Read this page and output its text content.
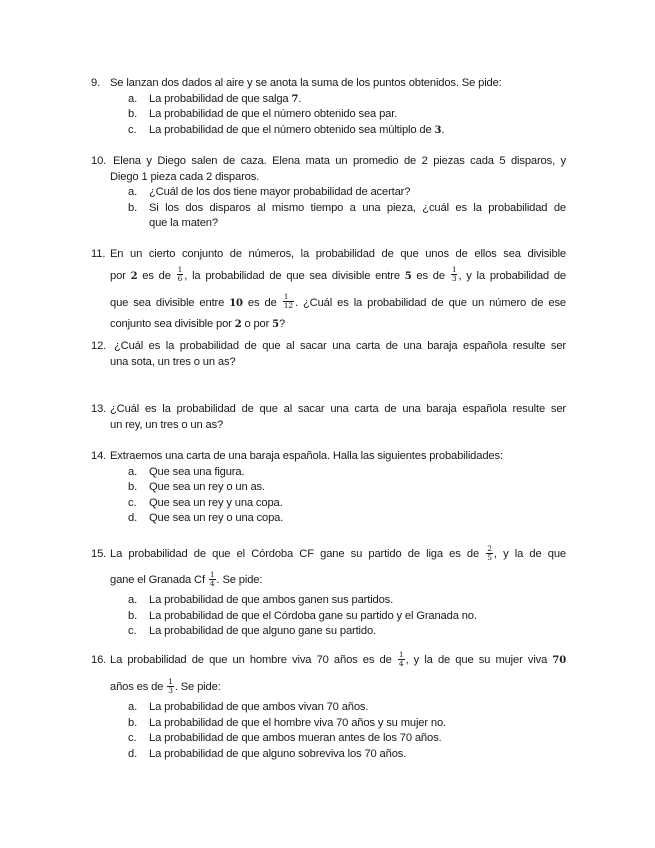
9. Se lanzan dos dados al aire y se anota la suma de los puntos obtenidos. Se pide:
a. La probabilidad de que salga 7.
b. La probabilidad de que el número obtenido sea par.
c. La probabilidad de que el número obtenido sea múltiplo de 3.
10. Elena y Diego salen de caza. Elena mata un promedio de 2 piezas cada 5 disparos, y
Diego 1 pieza cada 2 disparos.
a. ¿Cuál de los dos tiene mayor probabilidad de acertar?
b. Si los dos disparos al mismo tiempo a una pieza, ¿cuál es la probabilidad de
que la maten?
11. En un cierto conjunto de números, la probabilidad de que unos de ellos sea divisible
por 2 es de $\frac{1}{6}$ , la probabilidad de que sea divisible entre 5 es de $\frac{1}{3}$ , y la probabilidad de
que sea divisible entre 10 es de $\frac{1}{12}$ . ¿Cuál es la probabilidad de que un número de ese
conjunto sea divisible por 2 o por 5?
12. ¿Cuál es la probabilidad de que al sacar una carta de una baraja española resulte ser
una sota, un tres o un as?
13. ¿Cuál es la probabilidad de que al sacar una carta de una baraja española resulte ser
un rey, un tres o un as?
14. Extraemos una carta de una baraja española. Halla las siguientes probabilidades:
a. Que sea una figura.
b. Que sea un rey o un as.
c. Que sea un rey y una copa.
d. Que sea un rey o una copa.
15. La probabilidad de que el Córdoba CF gane su partido de liga es de $\frac{2}{5}$ , y la de que
gane el Granada Cf $\frac{1}{4}$ . Se pide:
a. La probabilidad de que ambos ganen sus partidos.
b. La probabilidad de que el Córdoba gane su partido y el Granada no.
c. La probabilidad de que alguno gane su partido.
16. La probabilidad de que un hombre viva 70 años es de $\frac{1}{4}$ , y la de que su mujer viva 70
años es de $\frac{1}{3}$ . Se pide:
a. La probabilidad de que ambos vivan 70 años.
b. La probabilidad de que el hombre viva 70 años y su mujer no.
c. La probabilidad de que ambos mueran antes de los 70 años.
d. La probabilidad de que alguno sobreviva los 70 años.
